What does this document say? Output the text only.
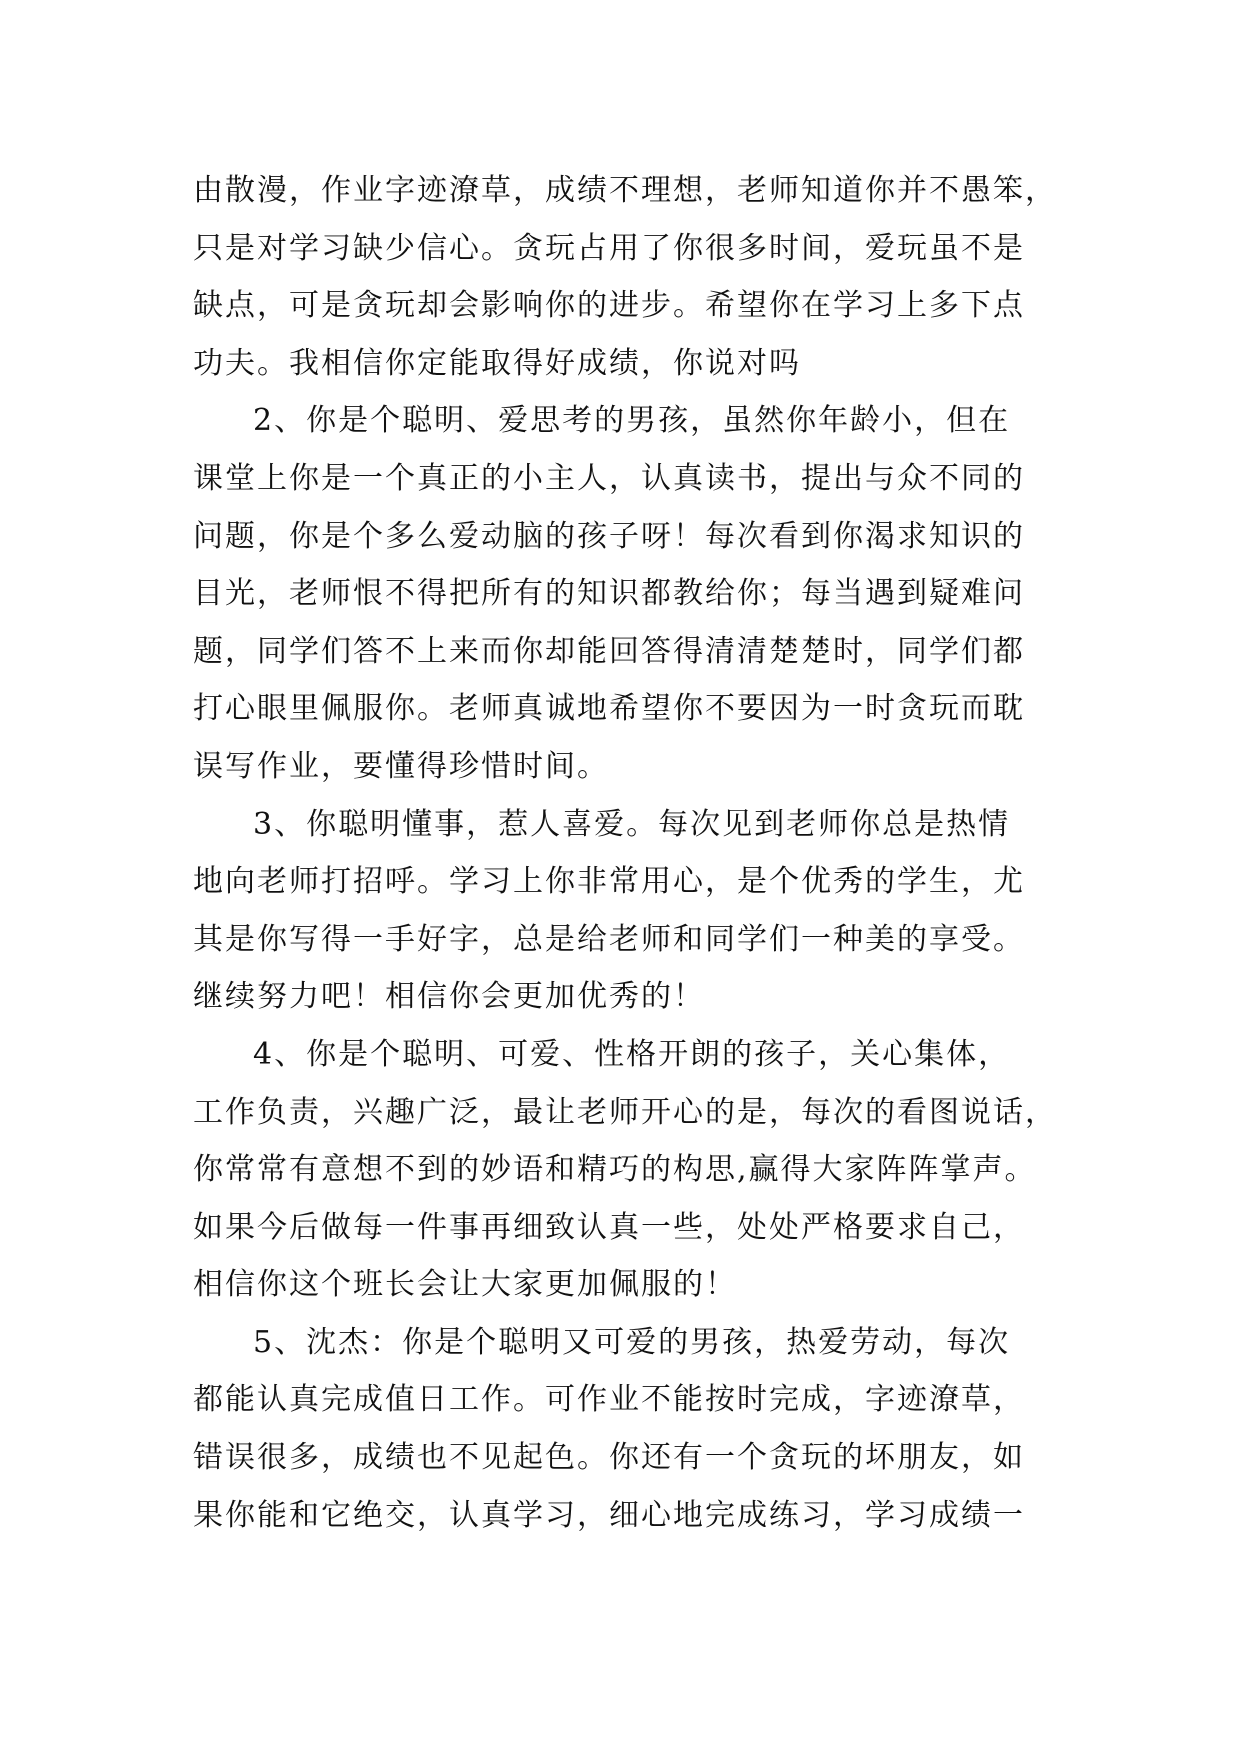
由散漫，作业字迹潦草，成绩不理想，老师知道你并不愚笨，
只是对学习缺少信心。贪玩占用了你很多时间，爱玩虽不是
缺点，可是贪玩却会影响你的进步。希望你在学习上多下点
功夫。我相信你定能取得好成绩，你说对吗
2、你是个聪明、爱思考的男孩，虽然你年龄小，但在
课堂上你是一个真正的小主人，认真读书，提出与众不同的
问题，你是个多么爱动脑的孩子呀！每次看到你渴求知识的
目光，老师恨不得把所有的知识都教给你；每当遇到疑难问
题，同学们答不上来而你却能回答得清清楚楚时，同学们都
打心眼里佩服你。老师真诚地希望你不要因为一时贪玩而耽
误写作业，要懂得珍惜时间。
3、你聪明懂事，惹人喜爱。每次见到老师你总是热情
地向老师打招呼。学习上你非常用心，是个优秀的学生，尤
其是你写得一手好字，总是给老师和同学们一种美的享受。
继续努力吧！相信你会更加优秀的！
4、你是个聪明、可爱、性格开朗的孩子，关心集体，
工作负责，兴趣广泛，最让老师开心的是，每次的看图说话，
你常常有意想不到的妙语和精巧的构思,赢得大家阵阵掌声。
如果今后做每一件事再细致认真一些，处处严格要求自己，
相信你这个班长会让大家更加佩服的！
5、沈杰：你是个聪明又可爱的男孩，热爱劳动，每次
都能认真完成值日工作。可作业不能按时完成，字迹潦草，
错误很多，成绩也不见起色。你还有一个贪玩的坏朋友，如
果你能和它绝交，认真学习，细心地完成练习，学习成绩一
